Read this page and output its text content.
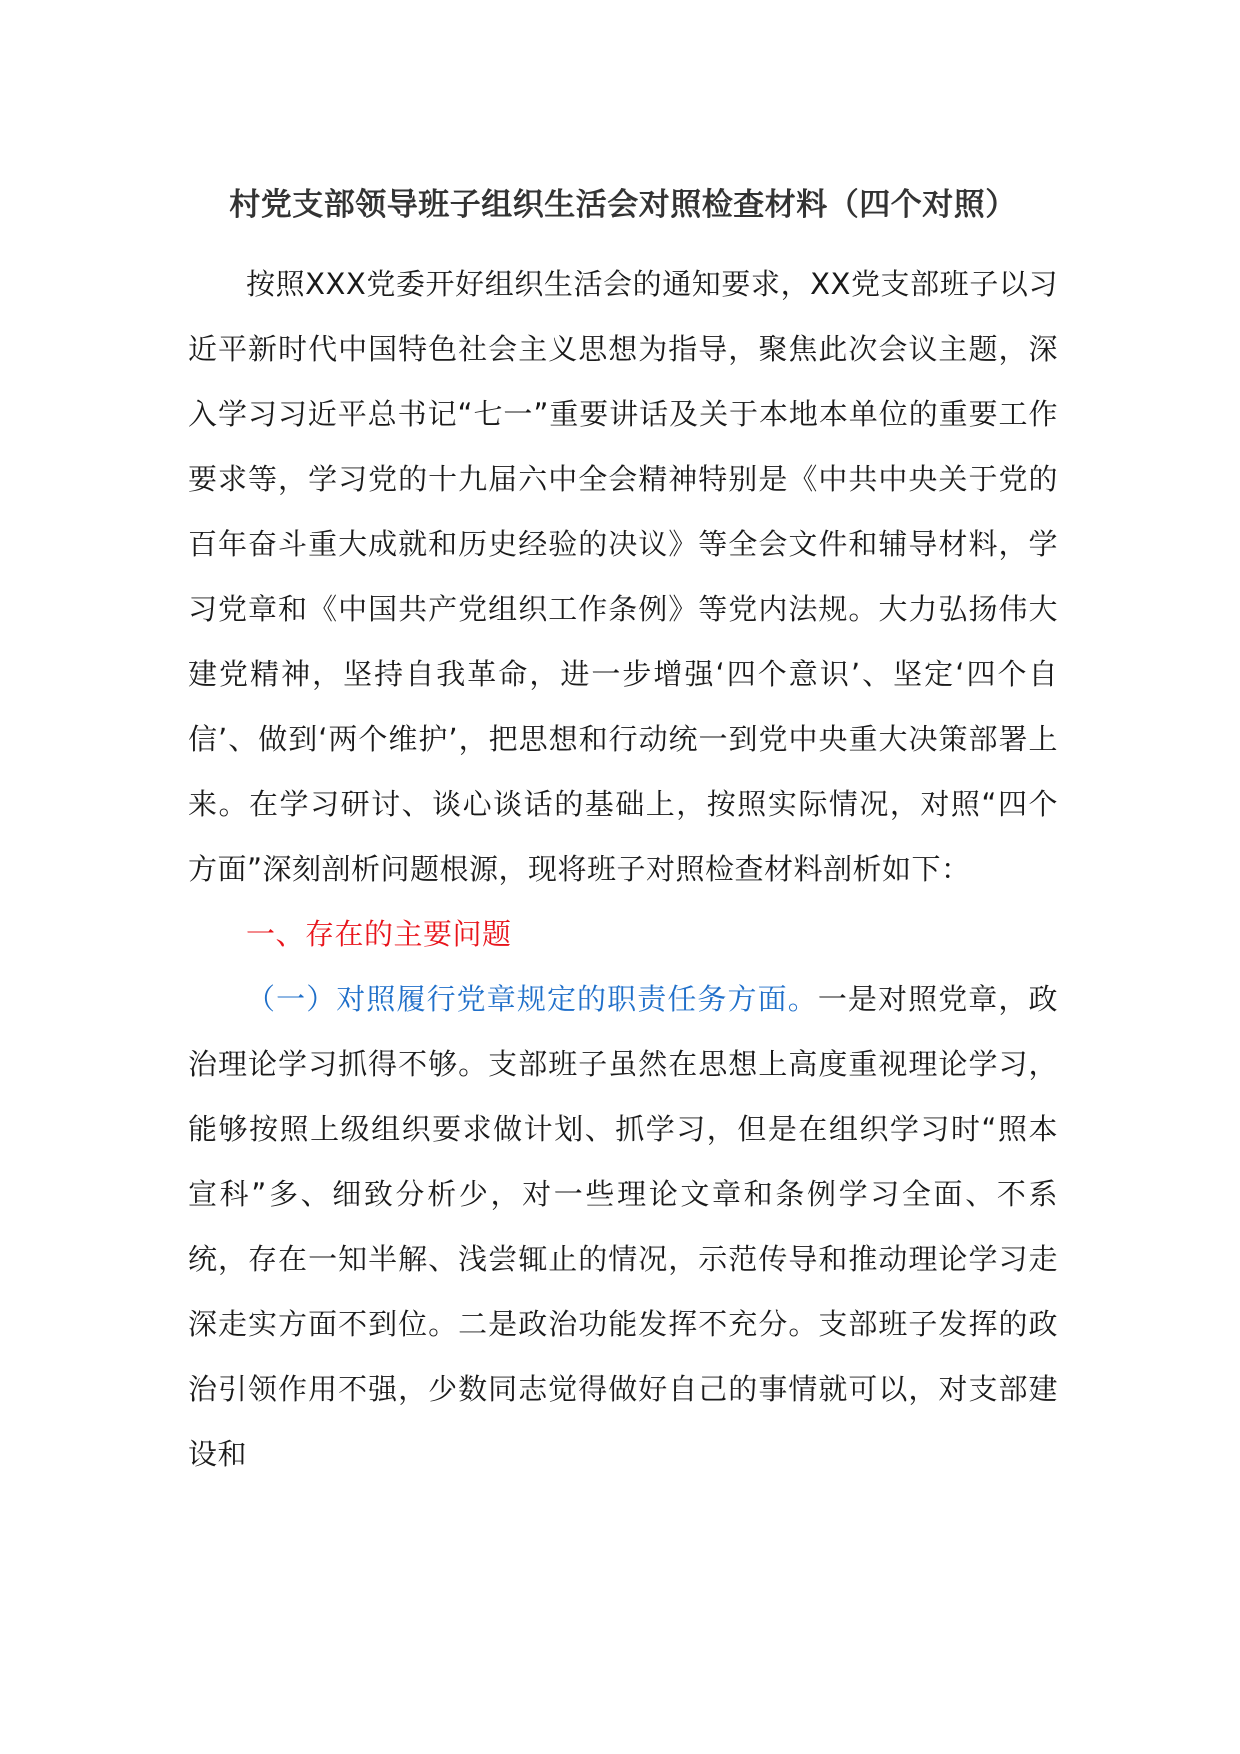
村党支部领导班子组织生活会对照检查材料（四个对照）

按照XXX党委开好组织生活会的通知要求，XX党支部班子以习近平新时代中国特色社会主义思想为指导，聚焦此次会议主题，深入学习习近平总书记“七一”重要讲话及关于本地本单位的重要工作要求等，学习党的十九届六中全会精神特别是《中共中央关于党的百年奋斗重大成就和历史经验的决议》等全会文件和辅导材料，学习党章和《中国共产党组织工作条例》等党内法规。大力弘扬伟大建党精神，坚持自我革命，进一步增强‘四个意识’、坚定‘四个自信’、做到‘两个维护’，把思想和行动统一到党中央重大决策部署上来。在学习研讨、谈心谈话的基础上，按照实际情况，对照“四个方面”深刻剖析问题根源，现将班子对照检查材料剖析如下：

一、存在的主要问题

（一）对照履行党章规定的职责任务方面。一是对照党章，政治理论学习抓得不够。支部班子虽然在思想上高度重视理论学习，能够按照上级组织要求做计划、抓学习，但是在组织学习时“照本宣科”多、细致分析少，对一些理论文章和条例学习全面、不系统，存在一知半解、浅尝辄止的情况，示范传导和推动理论学习走深走实方面不到位。二是政治功能发挥不充分。支部班子发挥的政治引领作用不强，少数同志觉得做好自己的事情就可以，对支部建设和
